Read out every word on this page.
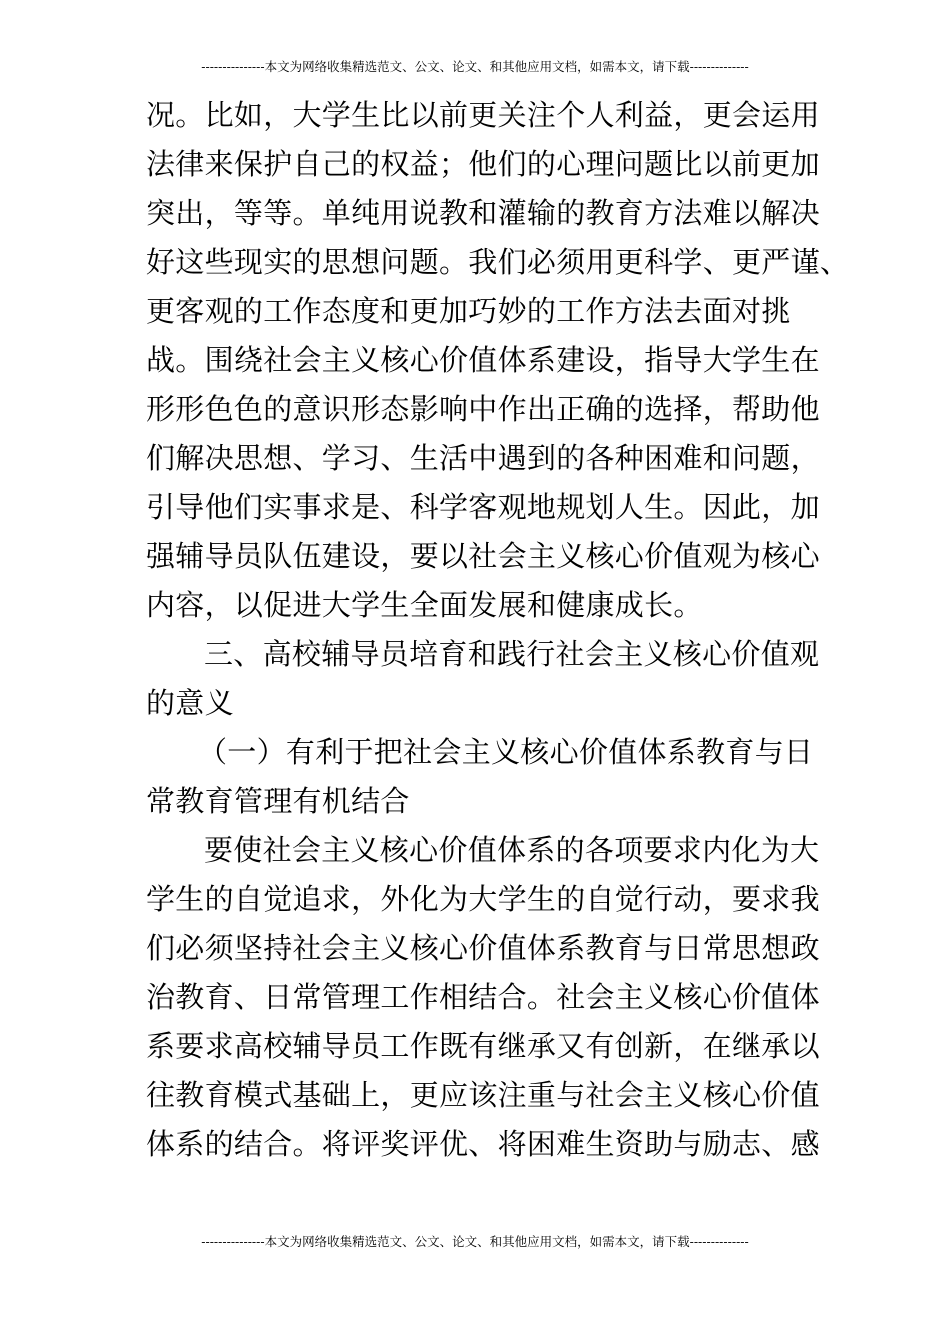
---------------本文为网络收集精选范文、公文、论文、和其他应用文档，如需本文，请下载--------------
况。比如，大学生比以前更关注个人利益，更会运用
法律来保护自己的权益；他们的心理问题比以前更加
突出，等等。单纯用说教和灌输的教育方法难以解决
好这些现实的思想问题。我们必须用更科学、更严谨、
更客观的工作态度和更加巧妙的工作方法去面对挑
战。围绕社会主义核心价值体系建设，指导大学生在
形形色色的意识形态影响中作出正确的选择，帮助他
们解决思想、学习、生活中遇到的各种困难和问题，
引导他们实事求是、科学客观地规划人生。因此，加
强辅导员队伍建设，要以社会主义核心价值观为核心
内容，以促进大学生全面发展和健康成长。
三、高校辅导员培育和践行社会主义核心价值观
的意义
（一）有利于把社会主义核心价值体系教育与日
常教育管理有机结合
要使社会主义核心价值体系的各项要求内化为大
学生的自觉追求，外化为大学生的自觉行动，要求我
们必须坚持社会主义核心价值体系教育与日常思想政
治教育、日常管理工作相结合。社会主义核心价值体
系要求高校辅导员工作既有继承又有创新，在继承以
往教育模式基础上，更应该注重与社会主义核心价值
体系的结合。将评奖评优、将困难生资助与励志、感
---------------本文为网络收集精选范文、公文、论文、和其他应用文档，如需本文，请下载--------------
